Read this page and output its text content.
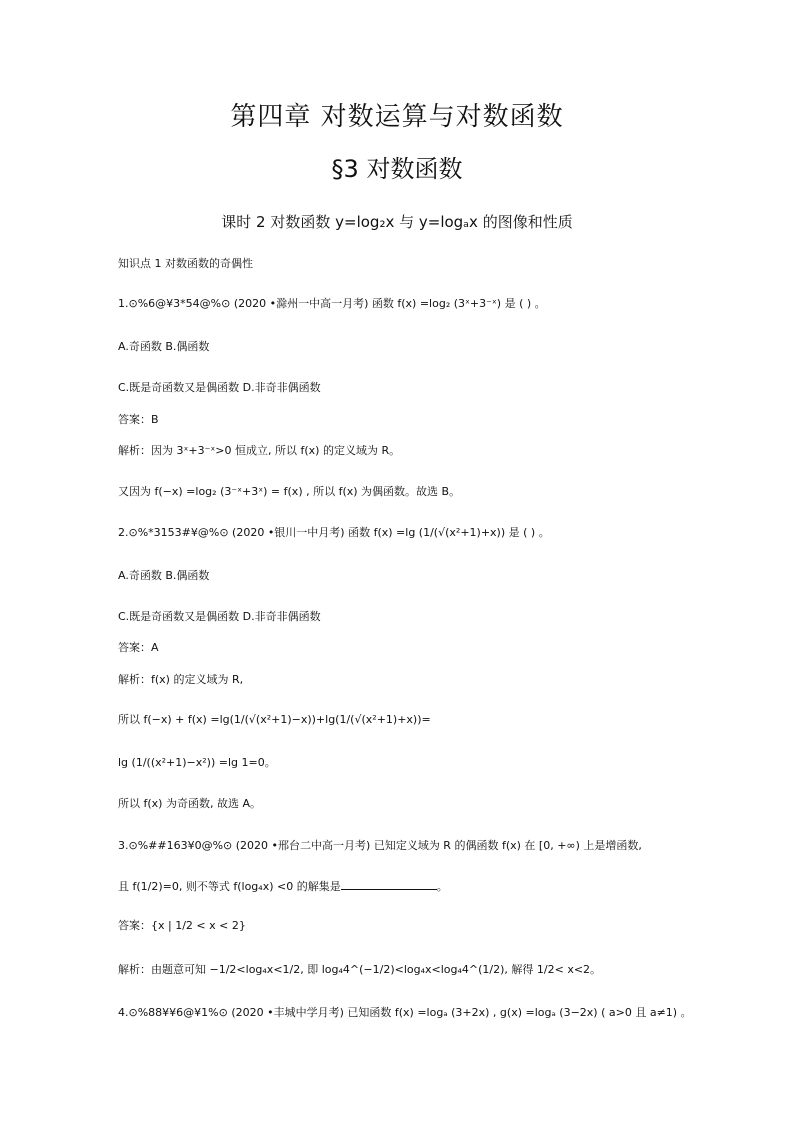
第四章 对数运算与对数函数
§3 对数函数
课时 2 对数函数 y=log₂x 与 y=logₐx 的图像和性质
知识点 1 对数函数的奇偶性
1.⊙%6@¥3*54@%⊙ (2020 •滁州一中高一月考) 函数 f(x) =log₂ (3ˣ+3⁻ˣ) 是 ( ) 。
A.奇函数 B.偶函数
C.既是奇函数又是偶函数 D.非奇非偶函数
答案：B
解析：因为 3ˣ+3⁻ˣ>0 恒成立, 所以 f(x) 的定义域为 R。
又因为 f(−x) =log₂ (3⁻ˣ+3ˣ) = f(x) , 所以 f(x) 为偶函数。故选 B。
2.⊙%*3153#¥@%⊙ (2020 •银川一中月考) 函数 f(x) =lg (1/(√(x²+1)+x)) 是 ( ) 。
A.奇函数 B.偶函数
C.既是奇函数又是偶函数 D.非奇非偶函数
答案：A
解析：f(x) 的定义域为 R,
所以 f(−x) + f(x) =lg(1/(√(x²+1)−x))+lg(1/(√(x²+1)+x))=
lg (1/((x²+1)−x²)) =lg 1=0。
所以 f(x) 为奇函数, 故选 A。
3.⊙%##163¥0@%⊙ (2020 •邢台二中高一月考) 已知定义域为 R 的偶函数 f(x) 在 [0, +∞) 上是增函数,
且 f(1/2)=0, 则不等式 f(log₄x) <0 的解集是	。
答案：{x | 1/2 < x < 2}
解析：由题意可知 −1/2<log₄x<1/2, 即 log₄4^(−1/2)<log₄x<log₄4^(1/2), 解得 1/2< x<2。
4.⊙%88¥¥6@¥1%⊙ (2020 •丰城中学月考) 已知函数 f(x) =logₐ (3+2x) , g(x) =logₐ (3−2x) ( a>0 且 a≠1) 。
